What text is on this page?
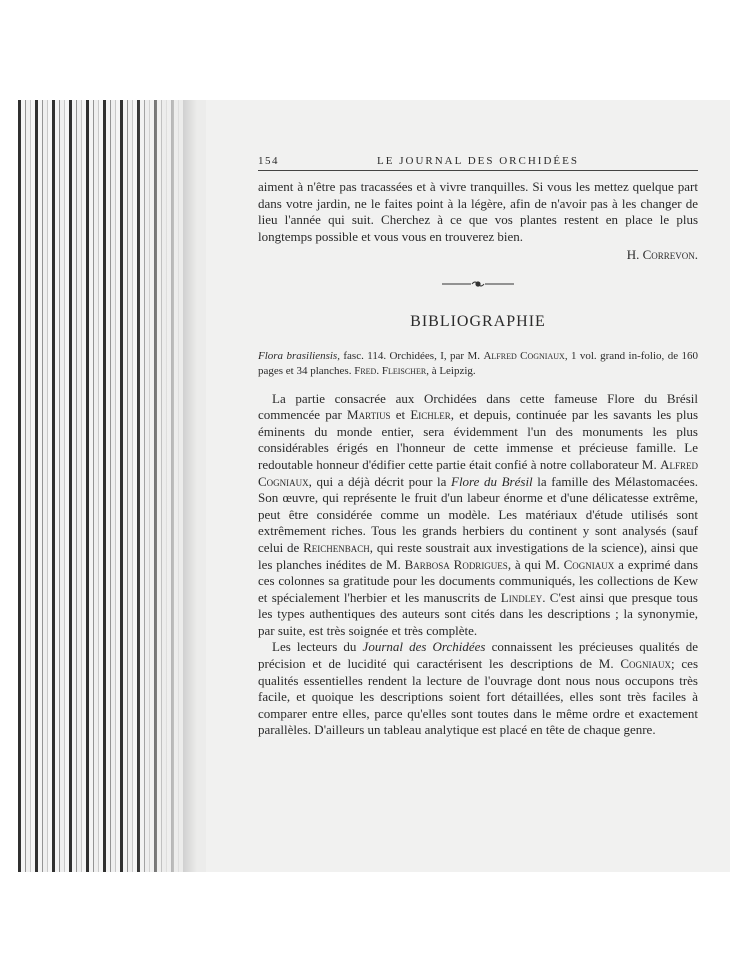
154	LE JOURNAL DES ORCHIDÉES

aiment à n'être pas tracassées et à vivre tranquilles. Si vous les mettez quelque part dans votre jardin, ne le faites point à la légère, afin de n'avoir pas à les changer de lieu l'année qui suit. Cherchez à ce que vos plantes restent en place le plus longtemps possible et vous vous en trouverez bien.

H. Correvon.
BIBLIOGRAPHIE

Flora brasiliensis, fasc. 114. Orchidées, I, par M. Alfred Cogniaux, 1 vol. grand in-folio, de 160 pages et 34 planches. Fred. Fleischer, à Leipzig.

La partie consacrée aux Orchidées dans cette fameuse Flore du Brésil commencée par Martius et Eichler, et depuis, continuée par les savants les plus éminents du monde entier, sera évidemment l'un des monuments les plus considérables érigés en l'honneur de cette immense et précieuse famille. Le redoutable honneur d'édifier cette partie était confié à notre collaborateur M. Alfred Cogniaux, qui a déjà décrit pour la Flore du Brésil la famille des Mélastomacées. Son œuvre, qui représente le fruit d'un labeur énorme et d'une délicatesse extrême, peut être considérée comme un modèle. Les matériaux d'étude utilisés sont extrêmement riches. Tous les grands herbiers du continent y sont analysés (sauf celui de Reichenbach, qui reste soustrait aux investigations de la science), ainsi que les planches inédites de M. Barbosa Rodrigues, à qui M. Cogniaux a exprimé dans ces colonnes sa gratitude pour les documents communiqués, les collections de Kew et spécialement l'herbier et les manuscrits de Lindley. C'est ainsi que presque tous les types authentiques des auteurs sont cités dans les descriptions ; la synonymie, par suite, est très soignée et très complète.

Les lecteurs du Journal des Orchidées connaissent les précieuses qualités de précision et de lucidité qui caractérisent les descriptions de M. Cogniaux; ces qualités essentielles rendent la lecture de l'ouvrage dont nous nous occupons très facile, et quoique les descriptions soient fort détaillées, elles sont très faciles à comparer entre elles, parce qu'elles sont toutes dans le même ordre et exactement parallèles. D'ailleurs un tableau analytique est placé en tête de chaque genre.
